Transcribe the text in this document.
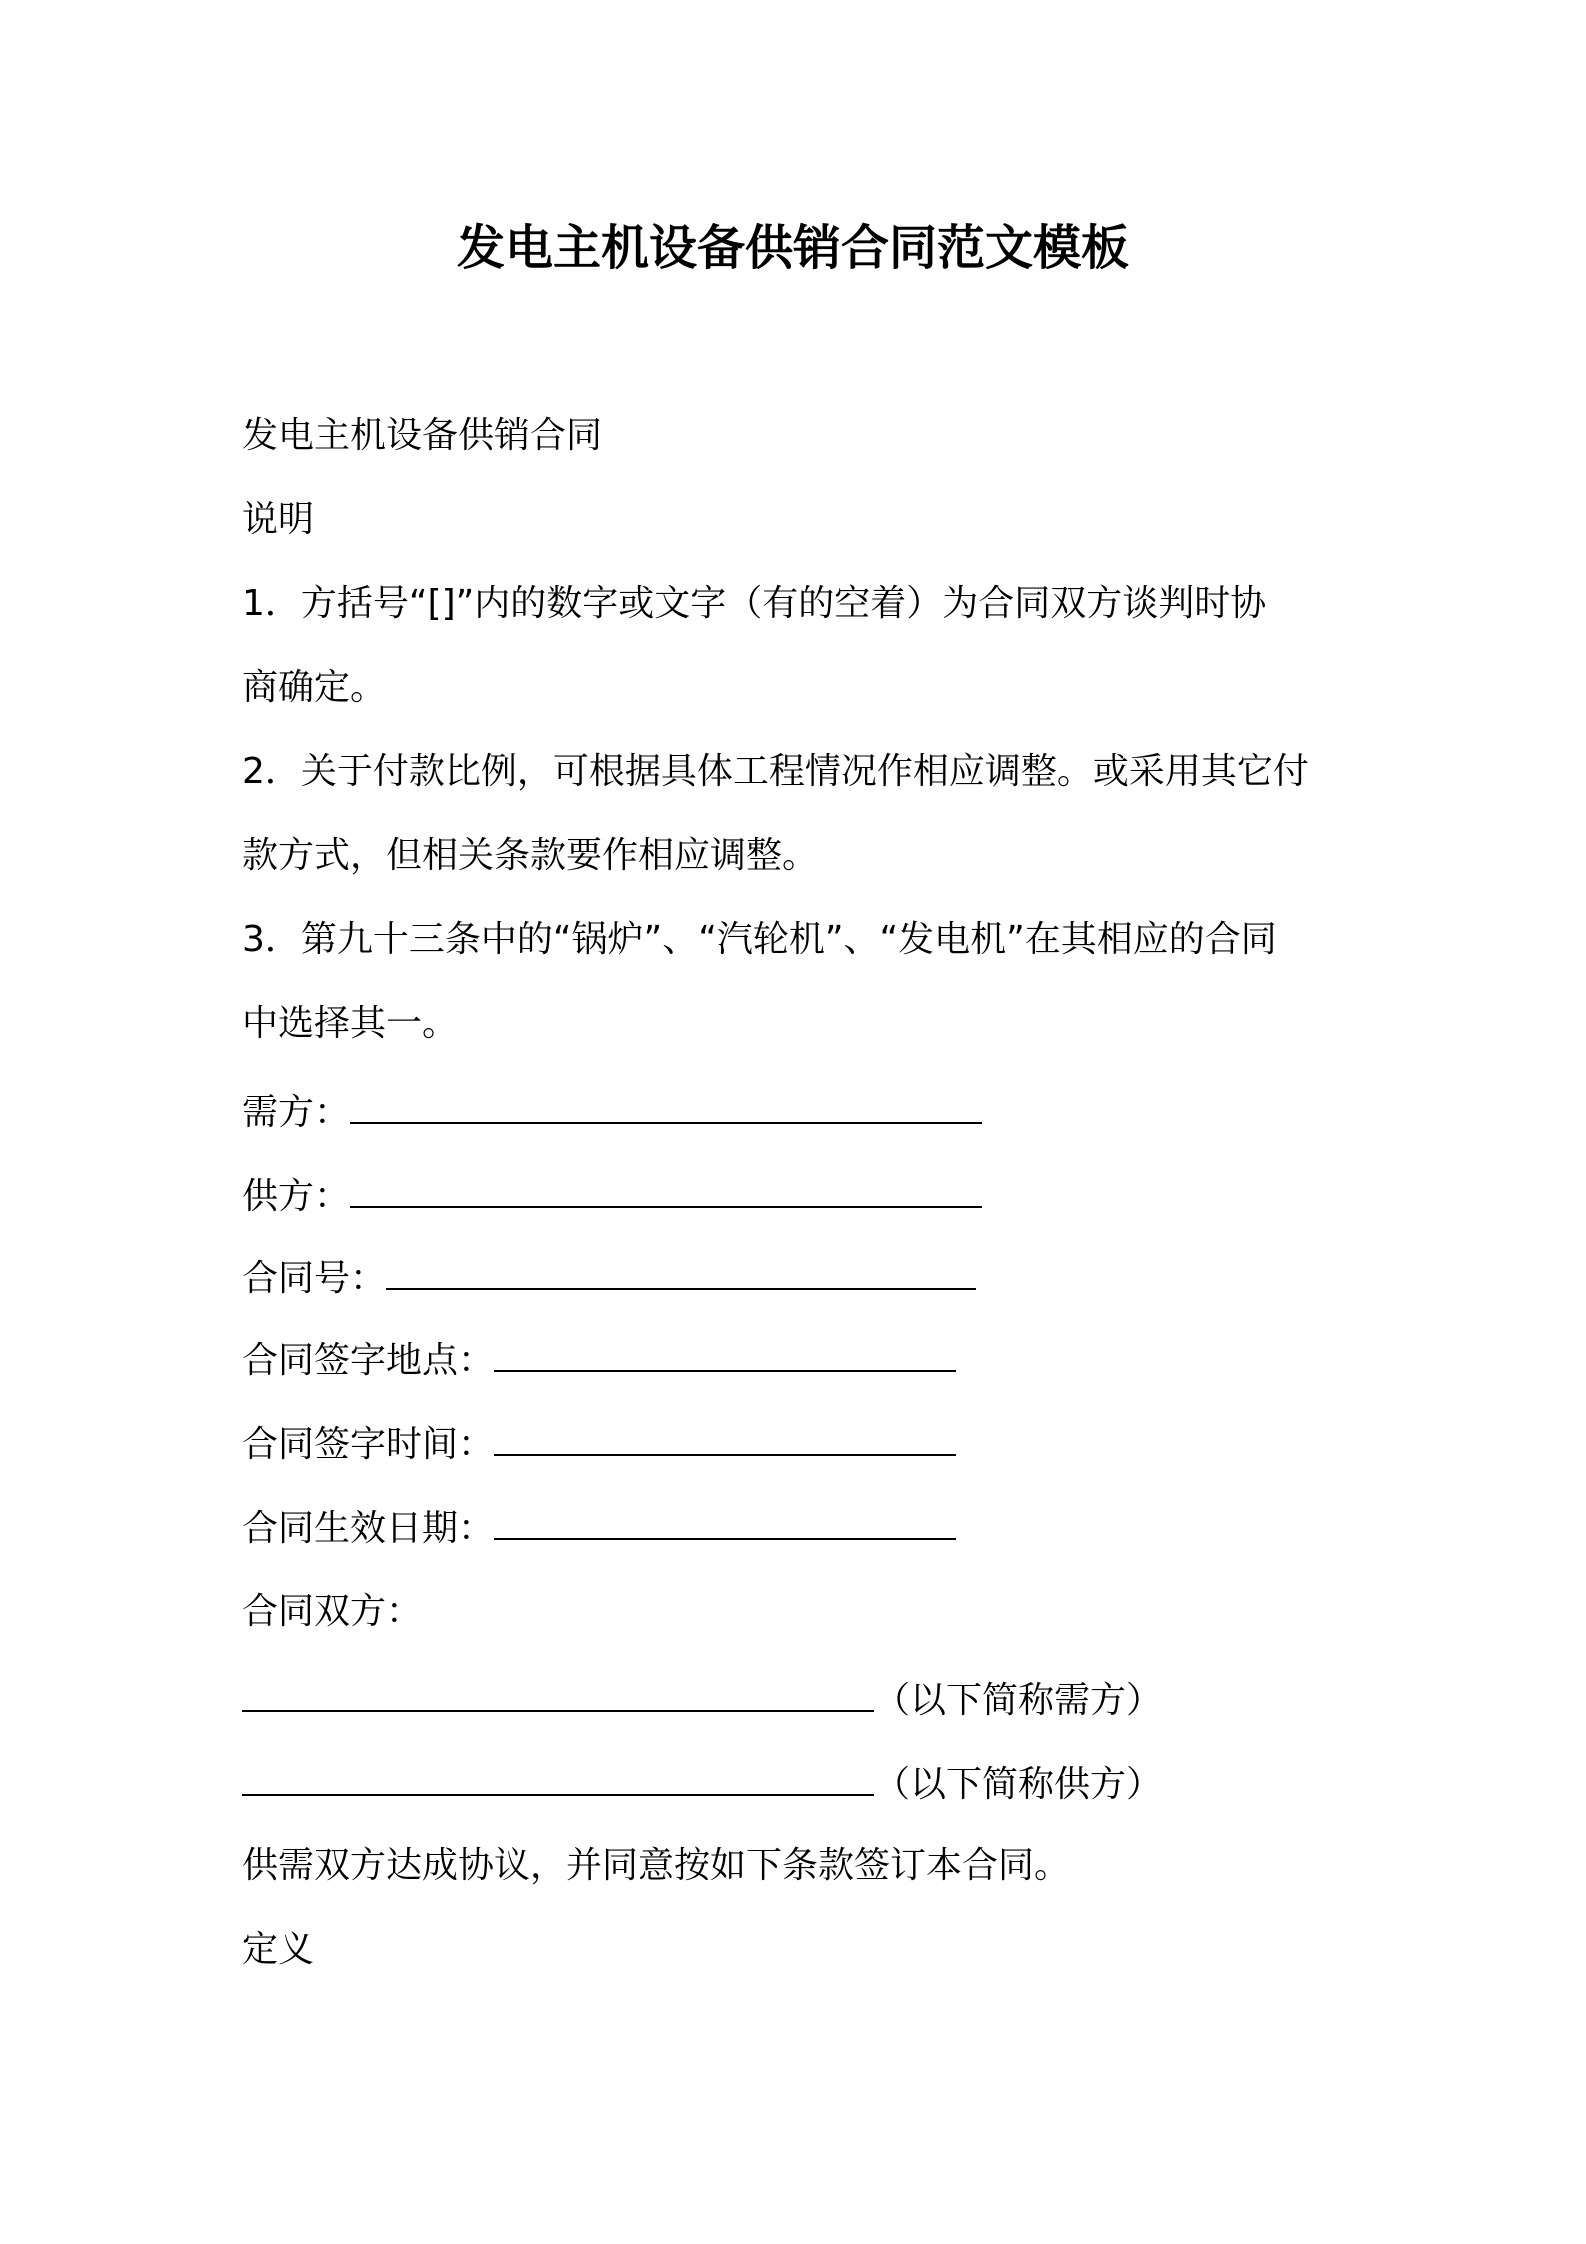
发电主机设备供销合同范文模板
发电主机设备供销合同
说明
1．方括号“[]”内的数字或文字（有的空着）为合同双方谈判时协
商确定。
2．关于付款比例，可根据具体工程情况作相应调整。或采用其它付
款方式，但相关条款要作相应调整。
3．第九十三条中的“锅炉”、“汽轮机”、“发电机”在其相应的合同
中选择其一。
需方：
供方：
合同号：
合同签字地点：
合同签字时间：
合同生效日期：
合同双方：
（以下简称需方）
（以下简称供方）
供需双方达成协议，并同意按如下条款签订本合同。
定义
